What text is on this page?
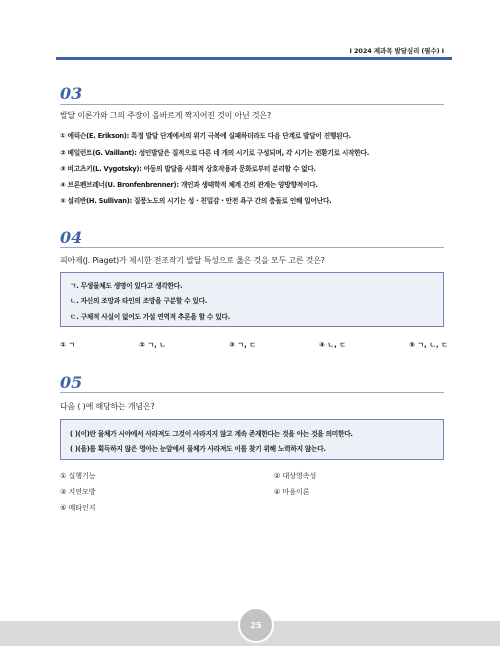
Ⅰ 2024 제과목 발달심리 (필수) Ⅰ
03
발달 이론가와 그의 주장이 올바르게 짝지어진 것이 아닌 것은?
① 에릭슨(E. Erikson): 특정 발달 단계에서의 위기 극복에 실패하더라도 다음 단계로 발달이 진행된다.
② 베일런트(G. Vaillant): 성인발달은 질적으로 다른 네 개의 시기로 구성되며, 각 시기는 전환기로 시작한다.
③ 비고츠키(L. Vygotsky): 아동의 발달을 사회적 상호작용과 문화로부터 분리할 수 없다.
④ 브론펜브레너(U. Bronfenbrenner): 개인과 생태학적 체계 간의 관계는 양방향적이다.
⑤ 설리반(H. Sullivan): 질풍노도의 시기는 성 · 친밀감 · 안전 욕구 간의 충돌로 인해 일어난다.
04
피아제(J. Piaget)가 제시한 전조작기 발달 특성으로 옳은 것을 모두 고른 것은?
ㄱ. 무생물체도 생명이 있다고 생각한다.
ㄴ. 자신의 조망과 타인의 조망을 구분할 수 있다.
ㄷ. 구체적 사실이 없어도 가설 연역적 추론을 할 수 있다.
① ㄱ	② ㄱ, ㄴ	③ ㄱ, ㄷ	④ ㄴ, ㄷ	⑤ ㄱ, ㄴ, ㄷ
05
다음 ( )에 해당하는 개념은?
( )(이)란 물체가 시야에서 사라져도 그것이 사라지지 않고 계속 존재한다는 것을 아는 것을 의미한다.
( )(을)를 획득하지 않은 영아는 눈앞에서 물체가 사라져도 이를 찾기 위해 노력하지 않는다.
① 실행기능	② 대상영속성
③ 지연모방	④ 마음이론
⑤ 메타인지
25
